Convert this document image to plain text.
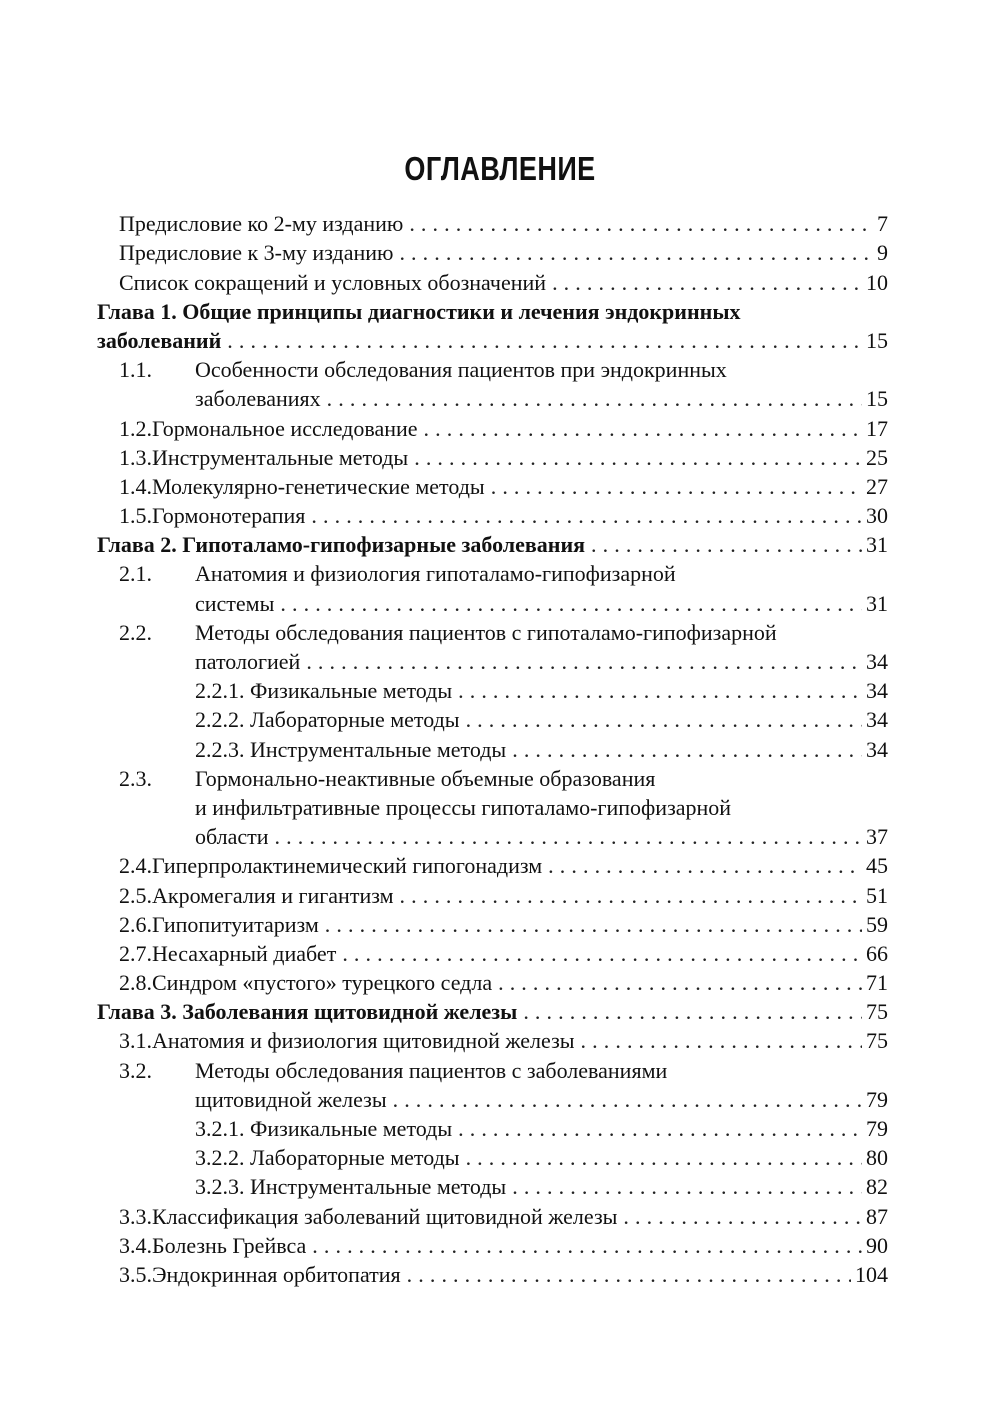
ОГЛАВЛЕНИЕ
Предисловие ко 2-му изданию . . .	7
Предисловие к 3-му изданию . . .	9
Список сокращений и условных обозначений . . .	10
Глава 1. Общие принципы диагностики и лечения эндокринных
заболеваний . . .	15
1.1.	Особенности обследования пациентов при эндокринных
заболеваниях . . .	15
1.2. Гормональное исследование . . .	17
1.3. Инструментальные методы . . .	25
1.4. Молекулярно-генетические методы . . .	27
1.5. Гормонотерапия . . .	30
Глава 2. Гипоталамо-гипофизарные заболевания . . .	31
2.1.	Анатомия и физиология гипоталамо-гипофизарной
системы . . .	31
2.2.	Методы обследования пациентов с гипоталамо-гипофизарной
патологией . . .	34
2.2.1. Физикальные методы . . .	34
2.2.2. Лабораторные методы . . .	34
2.2.3. Инструментальные методы . . .	34
2.3.	Гормонально-неактивные объемные образования
и инфильтративные процессы гипоталамо-гипофизарной
области . . .	37
2.4. Гиперпролактинемический гипогонадизм . . .	45
2.5. Акромегалия и гигантизм . . .	51
2.6. Гипопитуитаризм . . .	59
2.7. Несахарный диабет . . .	66
2.8. Синдром «пустого» турецкого седла . . .	71
Глава 3. Заболевания щитовидной железы . . .	75
3.1. Анатомия и физиология щитовидной железы . . .	75
3.2.	Методы обследования пациентов с заболеваниями
щитовидной железы . . .	79
3.2.1. Физикальные методы . . .	79
3.2.2. Лабораторные методы . . .	80
3.2.3. Инструментальные методы . . .	82
3.3. Классификация заболеваний щитовидной железы . . .	87
3.4. Болезнь Грейвса . . .	90
3.5. Эндокринная орбитопатия . . .	104
